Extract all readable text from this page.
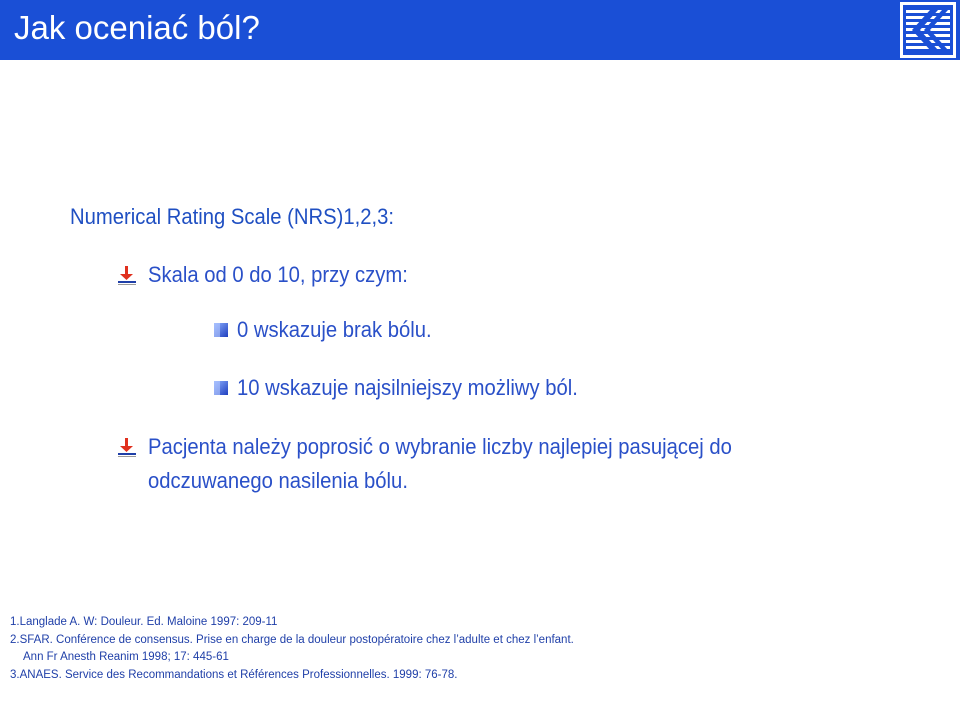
Jak oceniać ból?
Numerical Rating Scale (NRS)1,2,3:
Skala od 0 do 10, przy czym:
0 wskazuje brak bólu.
10 wskazuje najsilniejszy możliwy ból.
Pacjenta należy poprosić o wybranie liczby najlepiej pasującej do
odczuwanego nasilenia bólu.
1.Langlade A. W: Douleur. Ed. Maloine 1997: 209-11
2.SFAR. Conférence de consensus. Prise en charge de la douleur postopératoire chez l’adulte et chez l’enfant.
Ann Fr Anesth Reanim 1998; 17: 445-61
3.ANAES. Service des Recommandations et Références Professionnelles. 1999: 76-78.
